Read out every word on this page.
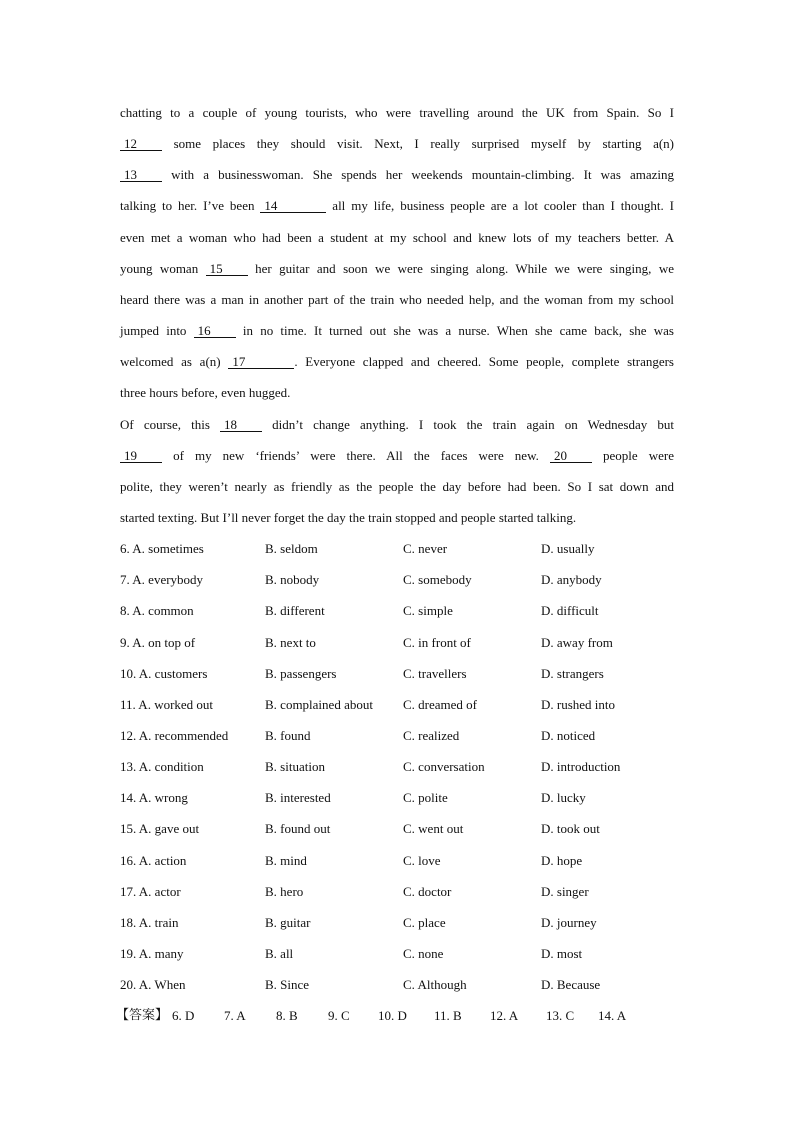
chatting to a couple of young tourists, who were travelling around the UK from Spain. So I
12 some places they should visit. Next, I really surprised myself by starting a(n)
13 with a businesswoman. She spends her weekends mountain-climbing. It was amazing
talking to her. I’ve been 14	all my life, business people are a lot cooler than I thought. I
even met a woman who had been a student at my school and knew lots of my teachers better. A
young woman 15 her guitar and soon we were singing along. While we were singing, we
heard there was a man in another part of the train who needed help, and the woman from my school
jumped into 16 in no time. It turned out she was a nurse. When she came back, she was
welcomed as a(n) 17	. Everyone clapped and cheered. Some people, complete strangers
three hours before, even hugged.
Of course, this 18 didn’t change anything. I took the train again on Wednesday but
19 of my new ‘friends’ were there. All the faces were new. 20 people were
polite, they weren’t nearly as friendly as the people the day before had been. So I sat down and
started texting. But I’ll never forget the day the train stopped and people started talking.
6. A. sometimes	B. seldom	C. never	D. usually
7. A. everybody	B. nobody	C. somebody	D. anybody
8. A. common	B. different	C. simple	D. difficult
9. A. on top of	B. next to	C. in front of	D. away from
10. A. customers	B. passengers	C. travellers	D. strangers
11. A. worked out	B. complained about	C. dreamed of	D. rushed into
12. A. recommended	B. found	C. realized	D. noticed
13. A. condition	B. situation	C. conversation	D. introduction
14. A. wrong	B. interested	C. polite	D. lucky
15. A. gave out	B. found out	C. went out	D. took out
16. A. action	B. mind	C. love	D. hope
17. A. actor	B. hero	C. doctor	D. singer
18. A. train	B. guitar	C. place	D. journey
19. A. many	B. all	C. none	D. most
20. A. When	B. Since	C. Although	D. Because
【答案】 6. D	7. A	8. B	9. C	10. D	11. B	12. A	13. C	14. A
